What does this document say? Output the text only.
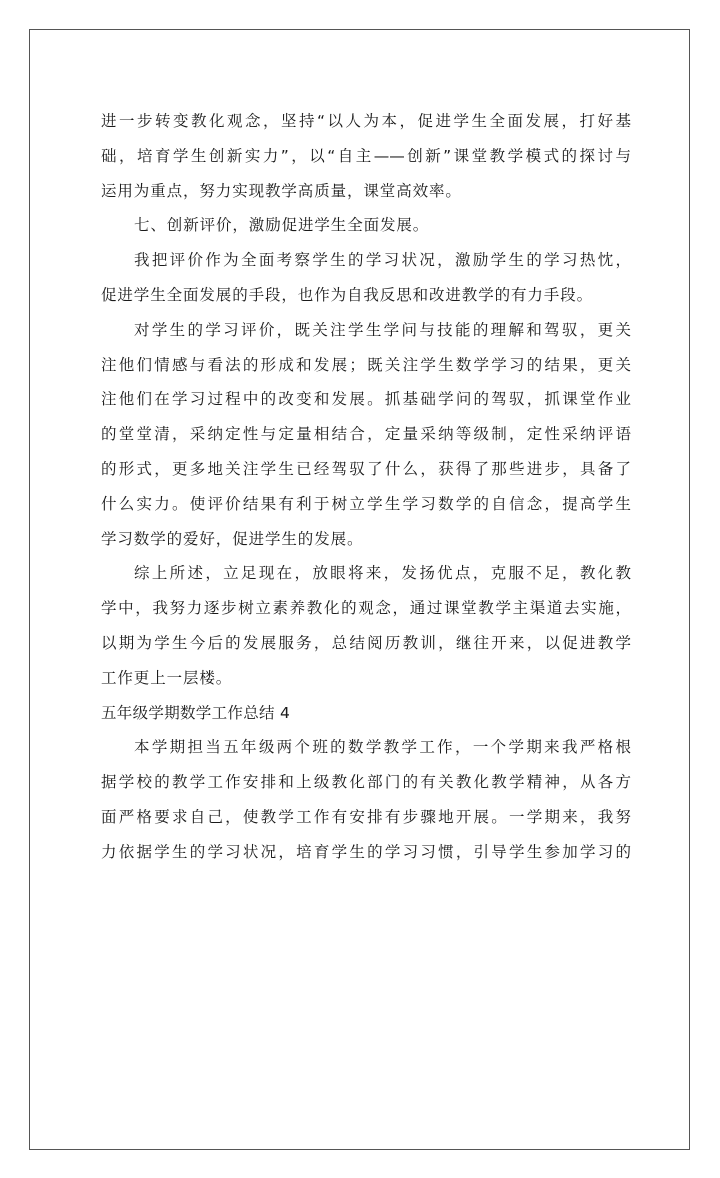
进一步转变教化观念，坚持“以人为本，促进学生全面发展，打好基
础，培育学生创新实力”，以“自主——创新”课堂教学模式的探讨与
运用为重点，努力实现教学高质量，课堂高效率。
七、创新评价，激励促进学生全面发展。
我把评价作为全面考察学生的学习状况，激励学生的学习热忱，
促进学生全面发展的手段，也作为自我反思和改进教学的有力手段。
对学生的学习评价，既关注学生学问与技能的理解和驾驭，更关
注他们情感与看法的形成和发展；既关注学生数学学习的结果，更关
注他们在学习过程中的改变和发展。抓基础学问的驾驭，抓课堂作业
的堂堂清，采纳定性与定量相结合，定量采纳等级制，定性采纳评语
的形式，更多地关注学生已经驾驭了什么，获得了那些进步，具备了
什么实力。使评价结果有利于树立学生学习数学的自信念，提高学生
学习数学的爱好，促进学生的发展。
综上所述，立足现在，放眼将来，发扬优点，克服不足，教化教
学中，我努力逐步树立素养教化的观念，通过课堂教学主渠道去实施，
以期为学生今后的发展服务，总结阅历教训，继往开来，以促进教学
工作更上一层楼。
五年级学期数学工作总结 4
本学期担当五年级两个班的数学教学工作，一个学期来我严格根
据学校的教学工作安排和上级教化部门的有关教化教学精神，从各方
面严格要求自己，使教学工作有安排有步骤地开展。一学期来，我努
力依据学生的学习状况，培育学生的学习习惯，引导学生参加学习的
